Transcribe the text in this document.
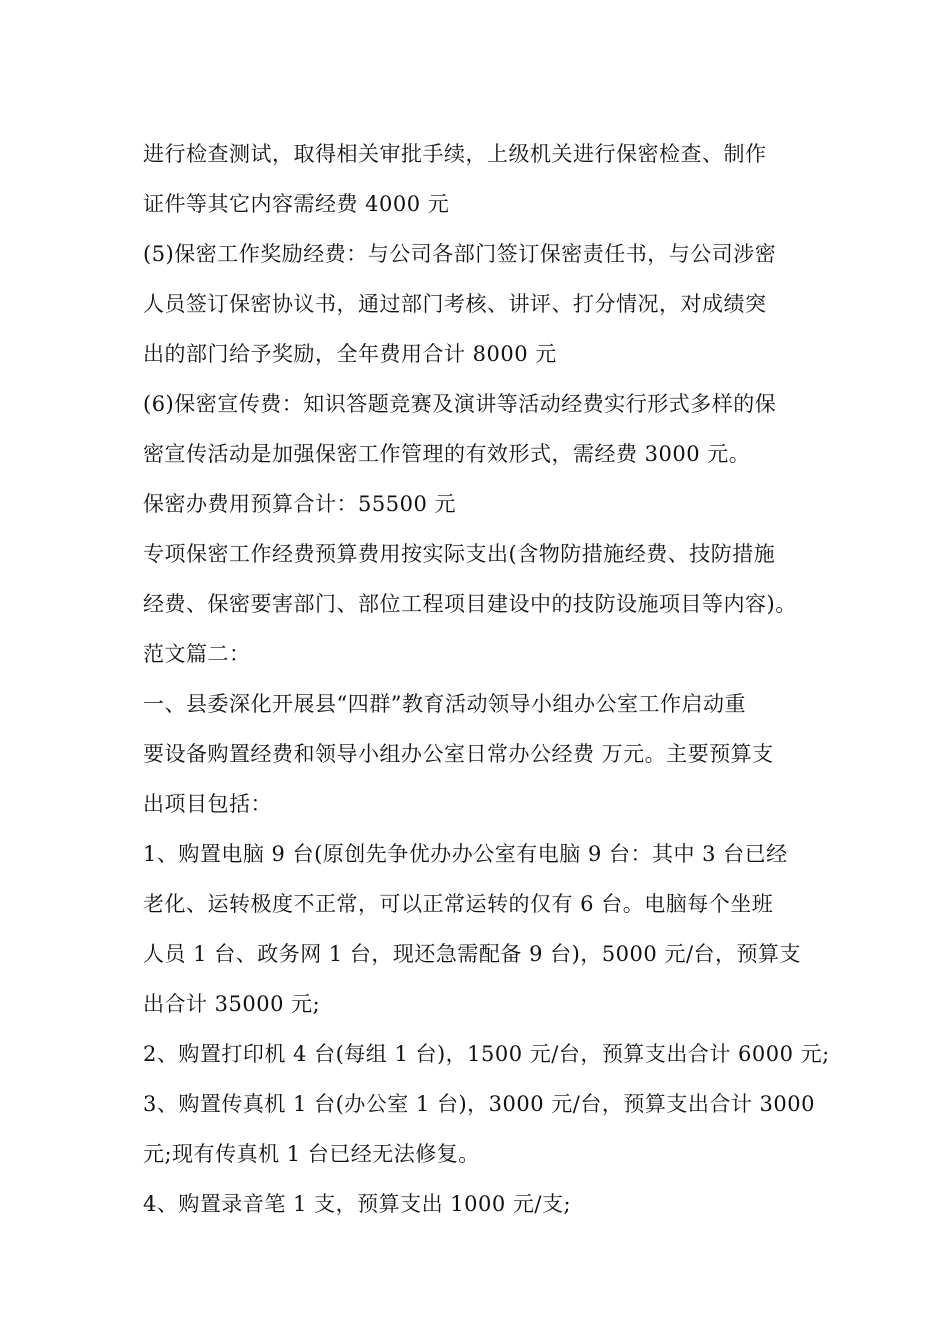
进行检查测试，取得相关审批手续，上级机关进行保密检查、制作
证件等其它内容需经费 4000 元
(5)保密工作奖励经费：与公司各部门签订保密责任书，与公司涉密
人员签订保密协议书，通过部门考核、讲评、打分情况，对成绩突
出的部门给予奖励，全年费用合计 8000 元
(6)保密宣传费：知识答题竞赛及演讲等活动经费实行形式多样的保
密宣传活动是加强保密工作管理的有效形式，需经费 3000 元。
保密办费用预算合计：55500 元
专项保密工作经费预算费用按实际支出(含物防措施经费、技防措施
经费、保密要害部门、部位工程项目建设中的技防设施项目等内容)。
范文篇二：
一、县委深化开展县“四群”教育活动领导小组办公室工作启动重
要设备购置经费和领导小组办公室日常办公经费 万元。主要预算支
出项目包括：
1、购置电脑 9 台(原创先争优办办公室有电脑 9 台：其中 3 台已经
老化、运转极度不正常，可以正常运转的仅有 6 台。电脑每个坐班
人员 1 台、政务网 1 台，现还急需配备 9 台)，5000 元/台，预算支
出合计 35000 元;
2、购置打印机 4 台(每组 1 台)，1500 元/台，预算支出合计 6000 元;
3、购置传真机 1 台(办公室 1 台)，3000 元/台，预算支出合计 3000
元;现有传真机 1 台已经无法修复。
4、购置录音笔 1 支，预算支出 1000 元/支;
